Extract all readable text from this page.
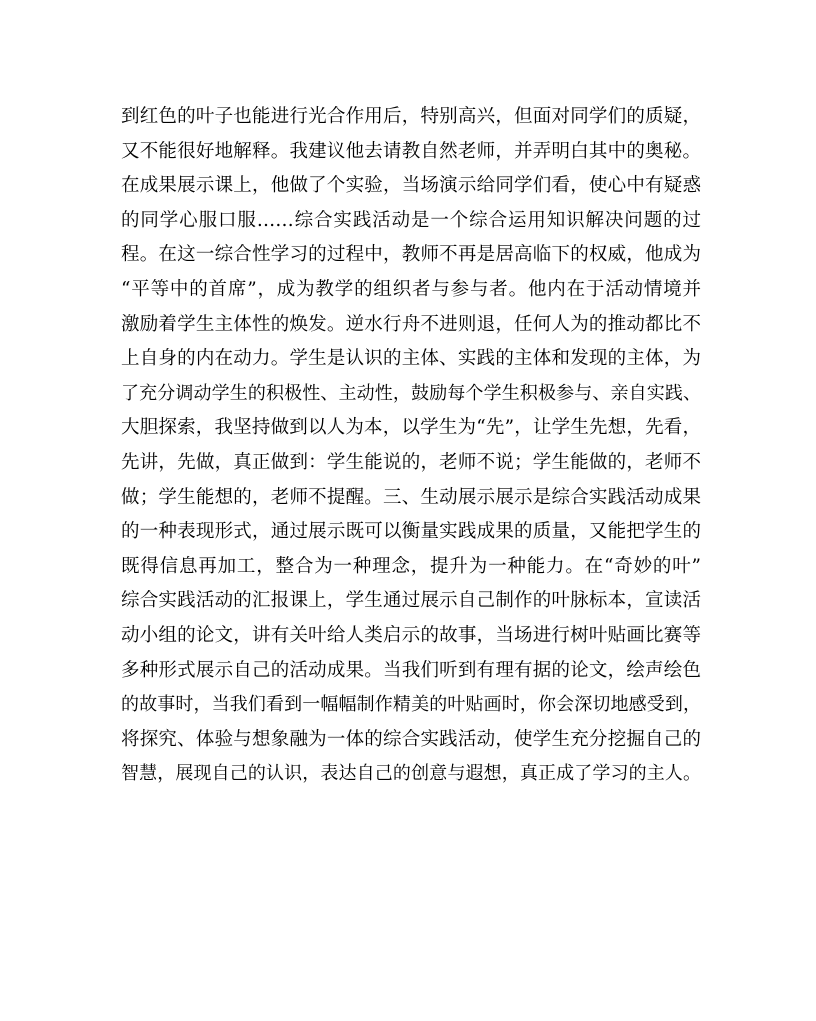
到红色的叶子也能进行光合作用后，特别高兴，但面对同学们的质疑，
又不能很好地解释。我建议他去请教自然老师，并弄明白其中的奥秘。
在成果展示课上，他做了个实验，当场演示给同学们看，使心中有疑惑
的同学心服口服……综合实践活动是一个综合运用知识解决问题的过
程。在这一综合性学习的过程中，教师不再是居高临下的权威，他成为
“平等中的首席”，成为教学的组织者与参与者。他内在于活动情境并
激励着学生主体性的焕发。逆水行舟不进则退，任何人为的推动都比不
上自身的内在动力。学生是认识的主体、实践的主体和发现的主体，为
了充分调动学生的积极性、主动性，鼓励每个学生积极参与、亲自实践、
大胆探索，我坚持做到以人为本，以学生为“先”，让学生先想，先看，
先讲，先做，真正做到：学生能说的，老师不说；学生能做的，老师不
做；学生能想的，老师不提醒。三、生动展示展示是综合实践活动成果
的一种表现形式，通过展示既可以衡量实践成果的质量，又能把学生的
既得信息再加工，整合为一种理念，提升为一种能力。在“奇妙的叶”
综合实践活动的汇报课上，学生通过展示自己制作的叶脉标本，宣读活
动小组的论文，讲有关叶给人类启示的故事，当场进行树叶贴画比赛等
多种形式展示自己的活动成果。当我们听到有理有据的论文，绘声绘色
的故事时，当我们看到一幅幅制作精美的叶贴画时，你会深切地感受到，
将探究、体验与想象融为一体的综合实践活动，使学生充分挖掘自己的
智慧，展现自己的认识，表达自己的创意与遐想，真正成了学习的主人。
